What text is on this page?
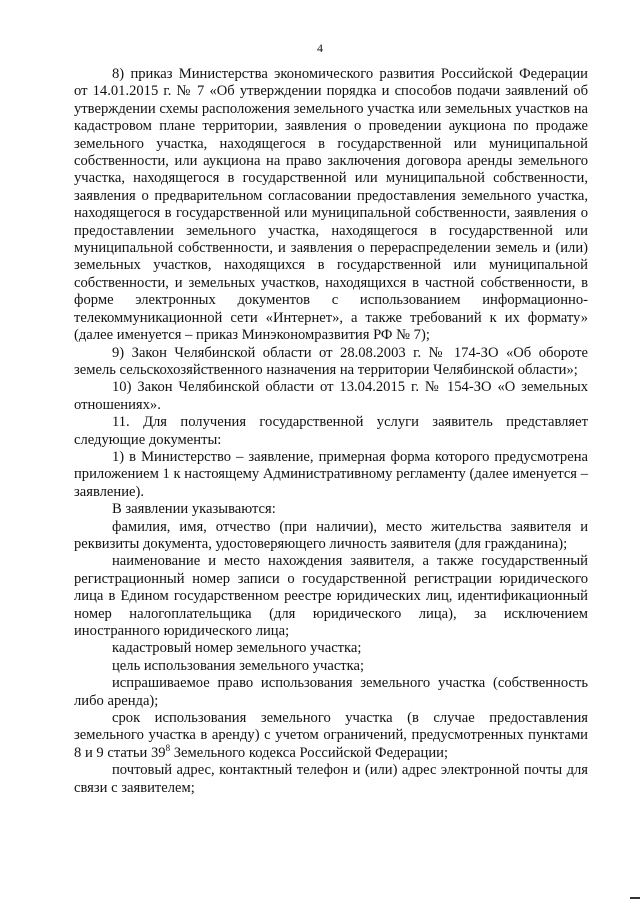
4

8) приказ Министерства экономического развития Российской Федерации от 14.01.2015 г. № 7 «Об утверждении порядка и способов подачи заявлений об утверждении схемы расположения земельного участка или земельных участков на кадастровом плане территории, заявления о проведении аукциона по продаже земельного участка, находящегося в государственной или муниципальной собственности, или аукциона на право заключения договора аренды земельного участка, находящегося в государственной или муниципальной собственности, заявления о предварительном согласовании предоставления земельного участка, находящегося в государственной или муниципальной собственности, заявления о предоставлении земельного участка, находящегося в государственной или муниципальной собственности, и заявления о перераспределении земель и (или) земельных участков, находящихся в государственной или муниципальной собственности, и земельных участков, находящихся в частной собственности, в форме электронных документов с использованием информационно-телекоммуникационной сети «Интернет», а также требований к их формату» (далее именуется – приказ Минэкономразвития РФ № 7);

9) Закон Челябинской области от 28.08.2003 г. № 174-ЗО «Об обороте земель сельскохозяйственного назначения на территории Челябинской области»;

10) Закон Челябинской области от 13.04.2015 г. № 154-ЗО «О земельных отношениях».

11. Для получения государственной услуги заявитель представляет следующие документы:

1) в Министерство – заявление, примерная форма которого предусмотрена приложением 1 к настоящему Административному регламенту (далее именуется – заявление).

В заявлении указываются:

фамилия, имя, отчество (при наличии), место жительства заявителя и реквизиты документа, удостоверяющего личность заявителя (для гражданина);

наименование и место нахождения заявителя, а также государственный регистрационный номер записи о государственной регистрации юридического лица в Едином государственном реестре юридических лиц, идентификационный номер налогоплательщика (для юридического лица), за исключением иностранного юридического лица;

кадастровый номер земельного участка;

цель использования земельного участка;

испрашиваемое право использования земельного участка (собственность либо аренда);

срок использования земельного участка (в случае предоставления земельного участка в аренду) с учетом ограничений, предусмотренных пунктами 8 и 9 статьи $39^8$ Земельного кодекса Российской Федерации;

почтовый адрес, контактный телефон и (или) адрес электронной почты для связи с заявителем;
